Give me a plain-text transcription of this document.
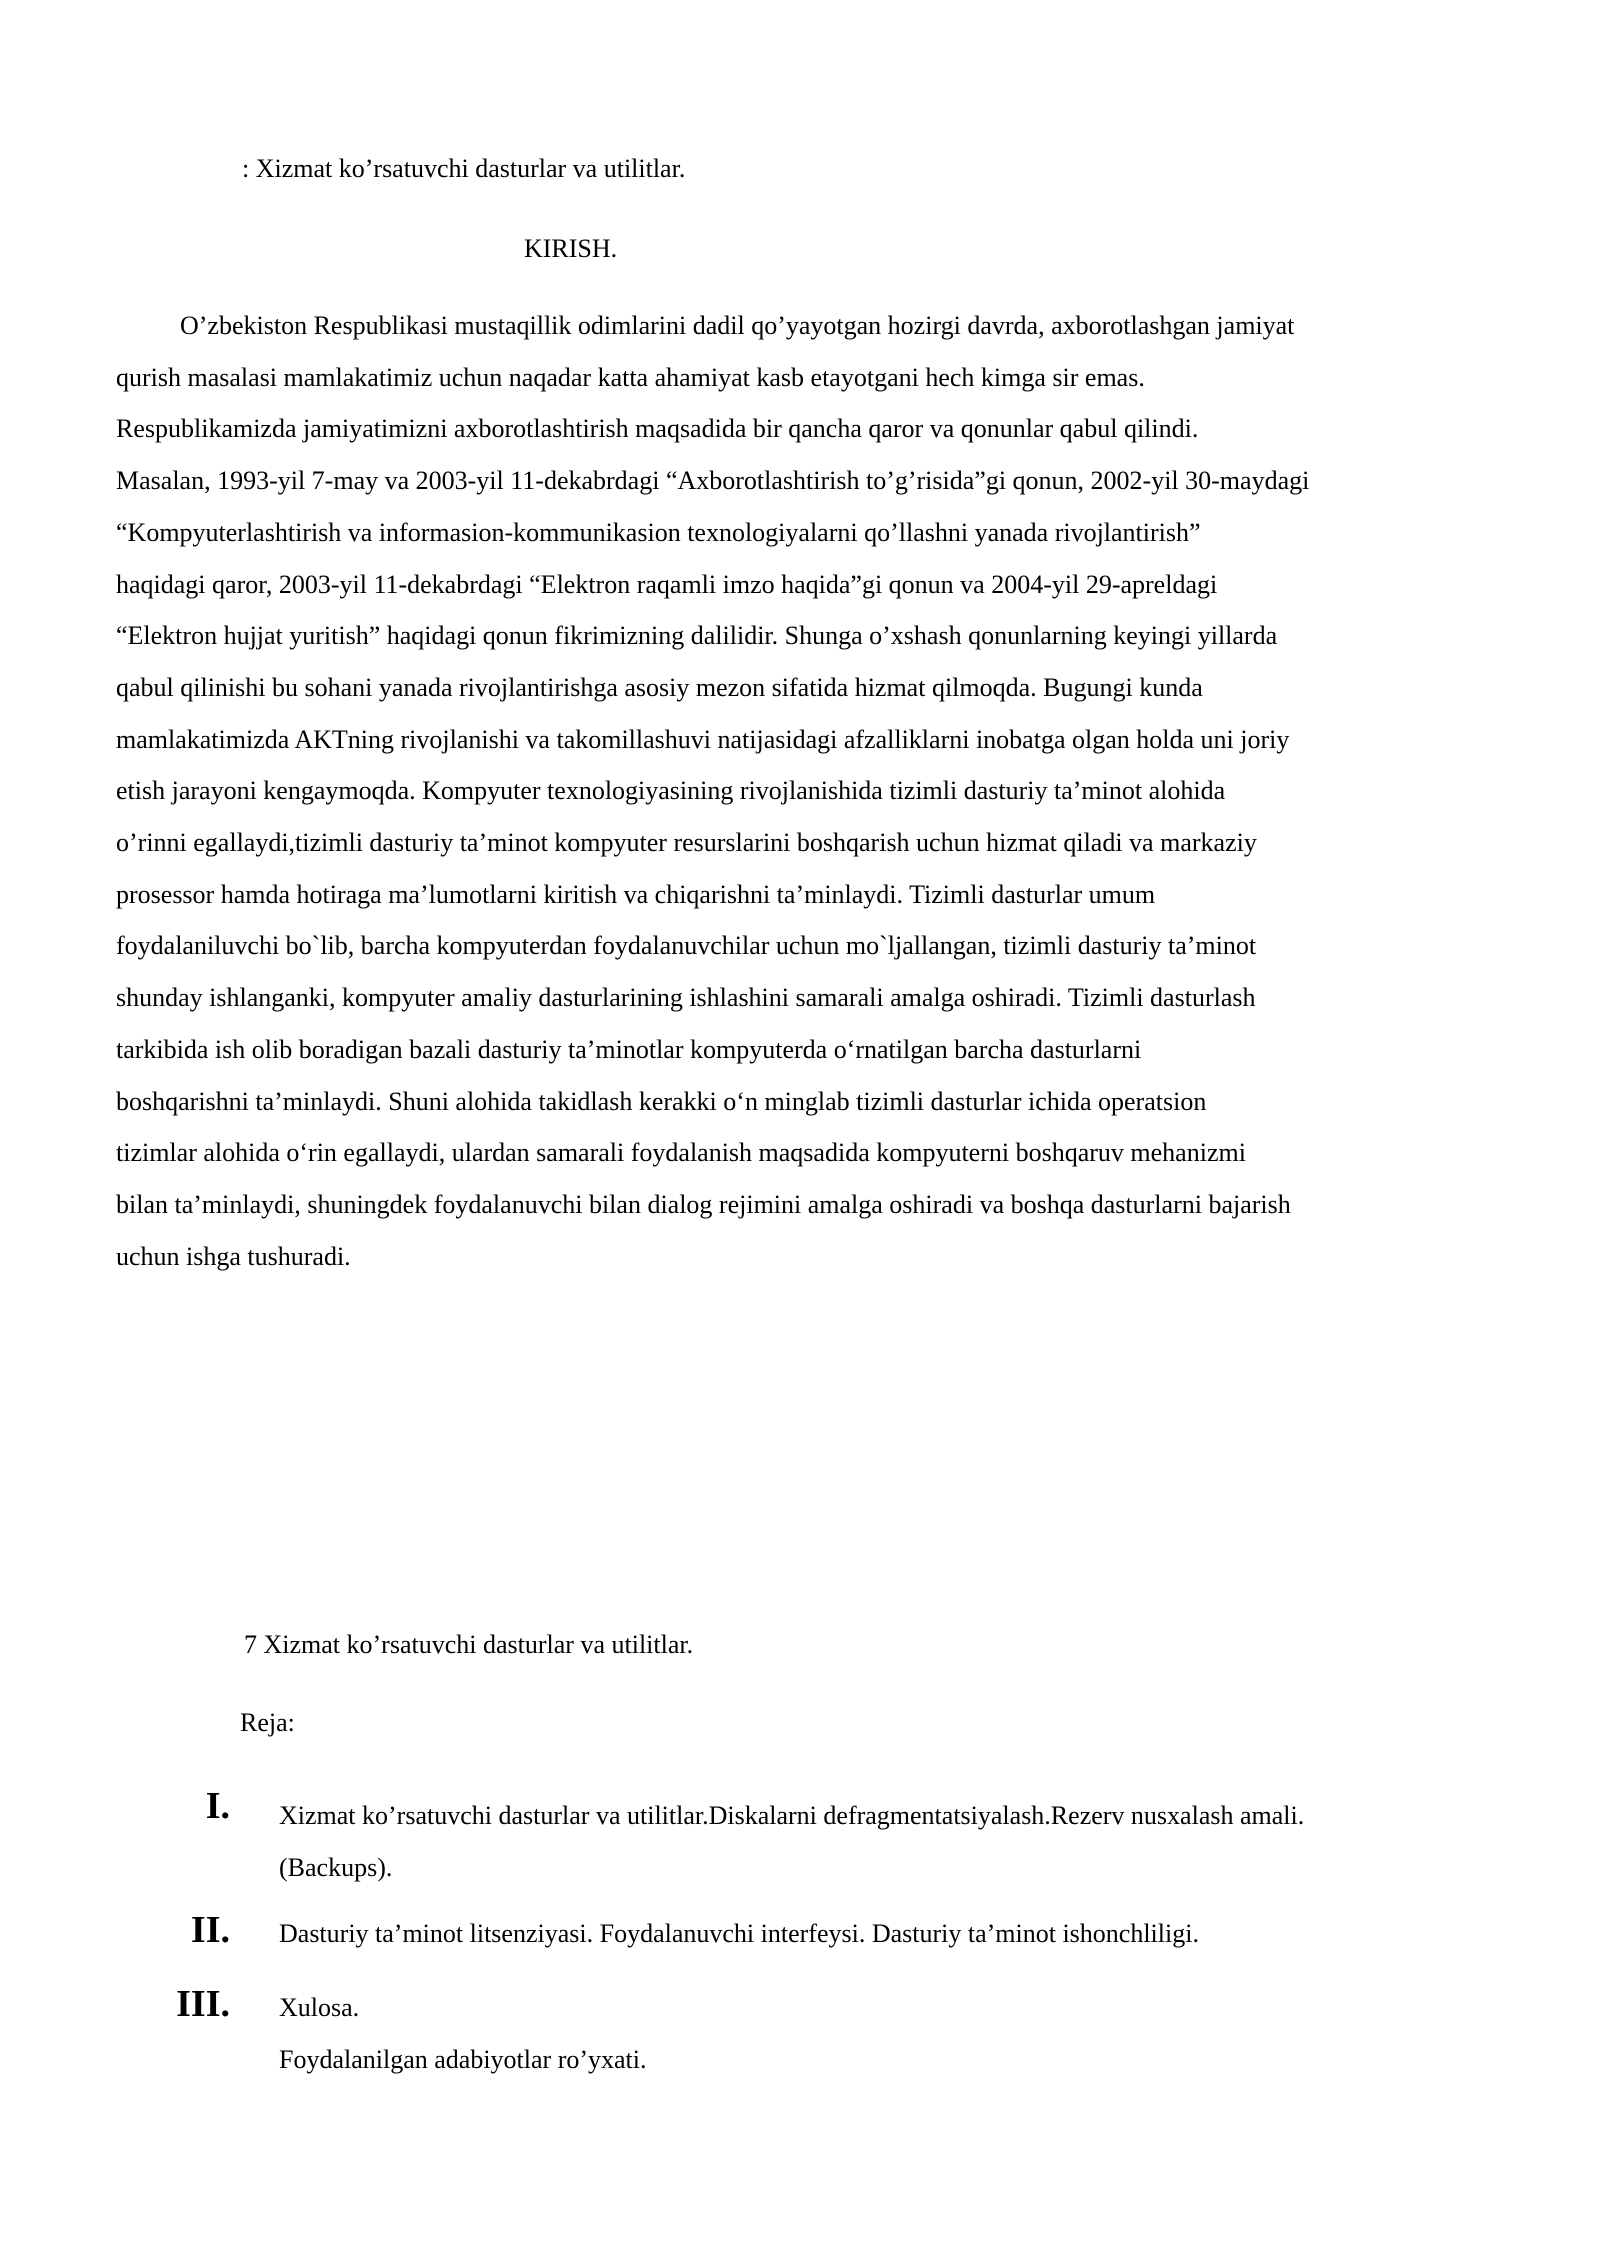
: Xizmat ko’rsatuvchi dasturlar va utilitlar.
KIRISH.
O’zbekiston Respublikasi mustaqillik odimlarini dadil qo’yayotgan hozirgi davrda, axborotlashgan jamiyat
qurish masalasi mamlakatimiz uchun naqadar katta ahamiyat kasb etayotgani hech kimga sir emas.
Respublikamizda jamiyatimizni axborotlashtirish maqsadida bir qancha qaror va qonunlar qabul qilindi.
Masalan, 1993-yil 7-may va 2003-yil 11-dekabrdagi “Axborotlashtirish to’g’risida”gi qonun, 2002-yil 30-maydagi
“Kompyuterlashtirish va informasion-kommunikasion texnologiyalarni qo’llashni yanada rivojlantirish”
haqidagi qaror, 2003-yil 11-dekabrdagi “Elektron raqamli imzo haqida”gi qonun va 2004-yil 29-apreldagi
“Elektron hujjat yuritish” haqidagi qonun fikrimizning dalilidir. Shunga o’xshash qonunlarning keyingi yillarda
qabul qilinishi bu sohani yanada rivojlantirishga asosiy mezon sifatida hizmat qilmoqda. Bugungi kunda
mamlakatimizda AKTning rivojlanishi va takomillashuvi natijasidagi afzalliklarni inobatga olgan holda uni joriy
etish jarayoni kеngaymoqda. Kompyuter texnologiyasining rivojlanishida tizimli dasturiy ta’minot alohida
o’rinni egallaydi,tizimli dasturiy ta’minot kompyuter resurslarini boshqarish uchun hizmat qiladi va markaziy
prosessor hamda hotiraga ma’lumotlarni kiritish va chiqarishni ta’minlaydi. Tizimli dasturlar umum
foydalaniluvchi bo`lib, barcha kompyuterdan foydalanuvchilar uchun mo`ljallangan, tizimli dasturiy ta’minot
shunday ishlanganki, kompyuter amaliy dasturlarining ishlashini samarali amalga oshiradi. Tizimli dasturlash
tarkibida ish olib boradigan bazali dasturiy ta’minotlar kompyuterda o‘rnatilgan barcha dasturlarni
boshqarishni ta’minlaydi. Shuni alohida takidlash kerakki o‘n minglab tizimli dasturlar ichida operatsion
tizimlar alohida o‘rin egallaydi, ulardan samarali foydalanish maqsadida kompyuterni boshqaruv mehanizmi
bilan ta’minlaydi, shuningdek foydalanuvchi bilan dialog rejimini amalga oshiradi va boshqa dasturlarni bajarish
uchun ishga tushuradi.
7 Xizmat ko’rsatuvchi dasturlar va utilitlar.
Reja:
I. Xizmat ko’rsatuvchi dasturlar va utilitlar.Diskalarni defragmentatsiyalash.Rezerv nusxalash amali.
(Backups).
II. Dasturiy ta’minot litsenziyasi. Foydalanuvchi interfeysi. Dasturiy ta’minot ishonchliligi.
III. Xulosa.
Foydalanilgan adabiyotlar ro’yxati.
